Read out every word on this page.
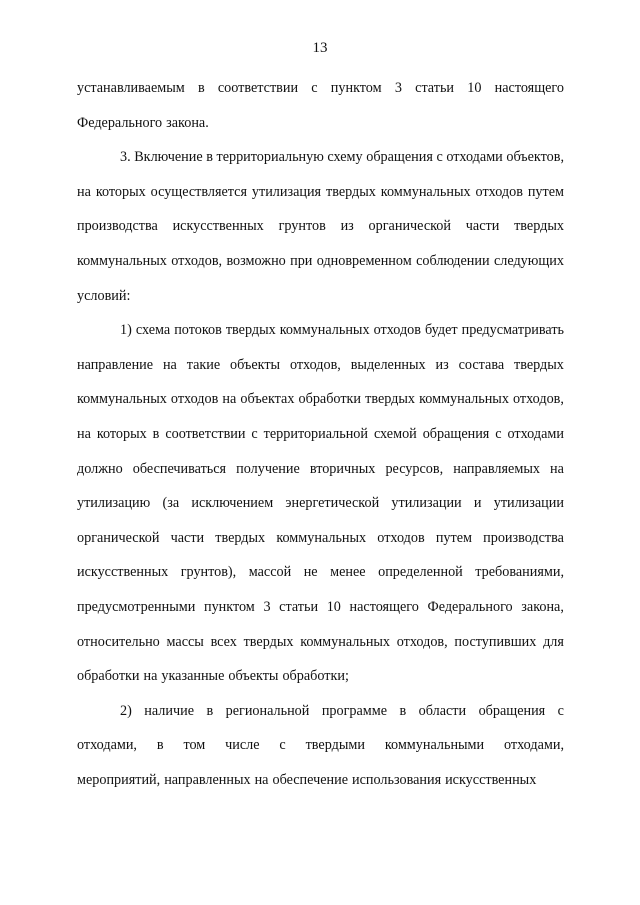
13
устанавливаемым в соответствии с пунктом 3 статьи 10 настоящего
Федерального закона.
3. Включение в территориальную схему обращения с отходами объектов,
на которых осуществляется утилизация твердых коммунальных отходов путем
производства искусственных грунтов из органической части твердых
коммунальных отходов, возможно при одновременном соблюдении следующих
условий:
1) схема потоков твердых коммунальных отходов будет предусматривать
направление на такие объекты отходов, выделенных из состава твердых
коммунальных отходов на объектах обработки твердых коммунальных отходов,
на которых в соответствии с территориальной схемой обращения с отходами
должно обеспечиваться получение вторичных ресурсов, направляемых на
утилизацию (за исключением энергетической утилизации и утилизации
органической части твердых коммунальных отходов путем производства
искусственных грунтов), массой не менее определенной требованиями,
предусмотренными пунктом 3 статьи 10 настоящего Федерального закона,
относительно массы всех твердых коммунальных отходов, поступивших для
обработки на указанные объекты обработки;
2) наличие в региональной программе в области обращения с
отходами, в том числе с твердыми коммунальными отходами,
мероприятий, направленных на обеспечение использования искусственных
